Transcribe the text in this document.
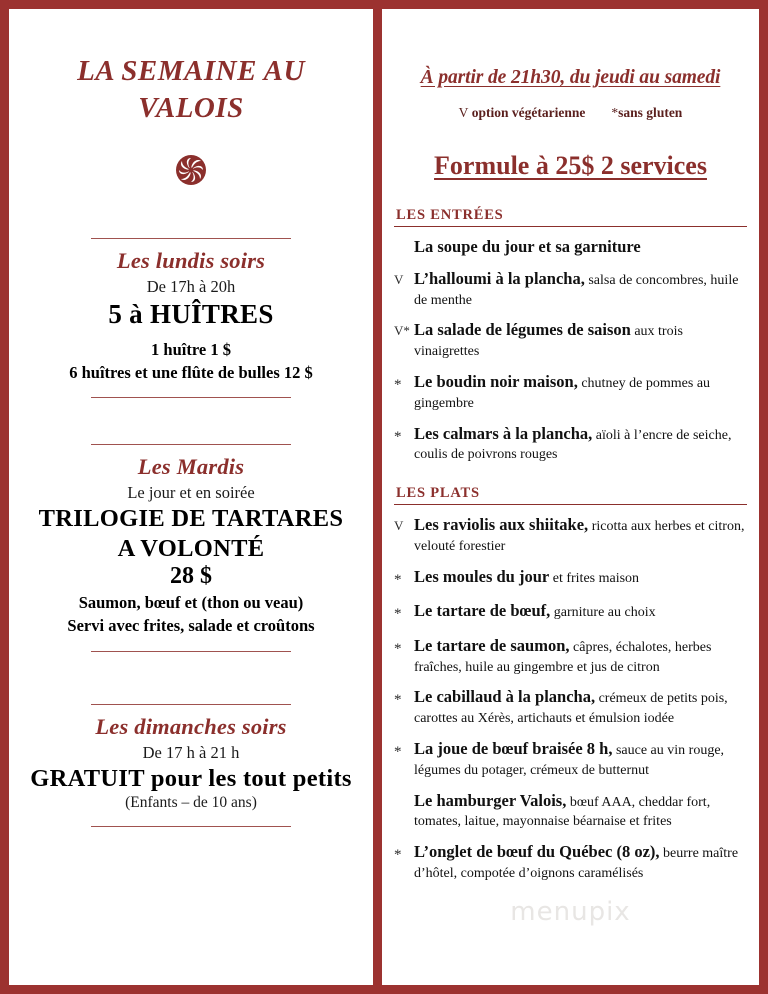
LA SEMAINE AU
VALOIS
Les lundis soirs
De 17h à 20h
5 à HUÎTRES
1 huître 1 $
6 huîtres et une flûte de bulles 12 $
Les Mardis
Le jour et en soirée
TRILOGIE DE TARTARES
A VOLONTÉ
28 $
Saumon, bœuf et (thon ou veau)
Servi avec frites, salade et croûtons
Les dimanches soirs
De 17 h à 21 h
GRATUIT pour les tout petits
(Enfants – de 10 ans)
À partir de 21h30, du jeudi au samedi
V option végétarienne *sans gluten
Formule à 25$ 2 services
LES ENTRÉES
La soupe du jour et sa garniture
V L’halloumi à la plancha, salsa de concombres, huile de menthe
V* La salade de légumes de saison aux trois vinaigrettes
* Le boudin noir maison, chutney de pommes au gingembre
* Les calmars à la plancha, aïoli à l’encre de seiche, coulis de poivrons rouges
LES PLATS
V Les raviolis aux shiitake, ricotta aux herbes et citron, velouté forestier
* Les moules du jour et frites maison
* Le tartare de bœuf, garniture au choix
* Le tartare de saumon, câpres, échalotes, herbes fraîches, huile au gingembre et jus de citron
* Le cabillaud à la plancha, crémeux de petits pois, carottes au Xérès, artichauts et émulsion iodée
* La joue de bœuf braisée 8 h, sauce au vin rouge, légumes du potager, crémeux de butternut
Le hamburger Valois, bœuf AAA, cheddar fort, tomates, laitue, mayonnaise béarnaise et frites
* L’onglet de bœuf du Québec (8 oz), beurre maître d’hôtel, compotée d’oignons caramélisés
menupix
